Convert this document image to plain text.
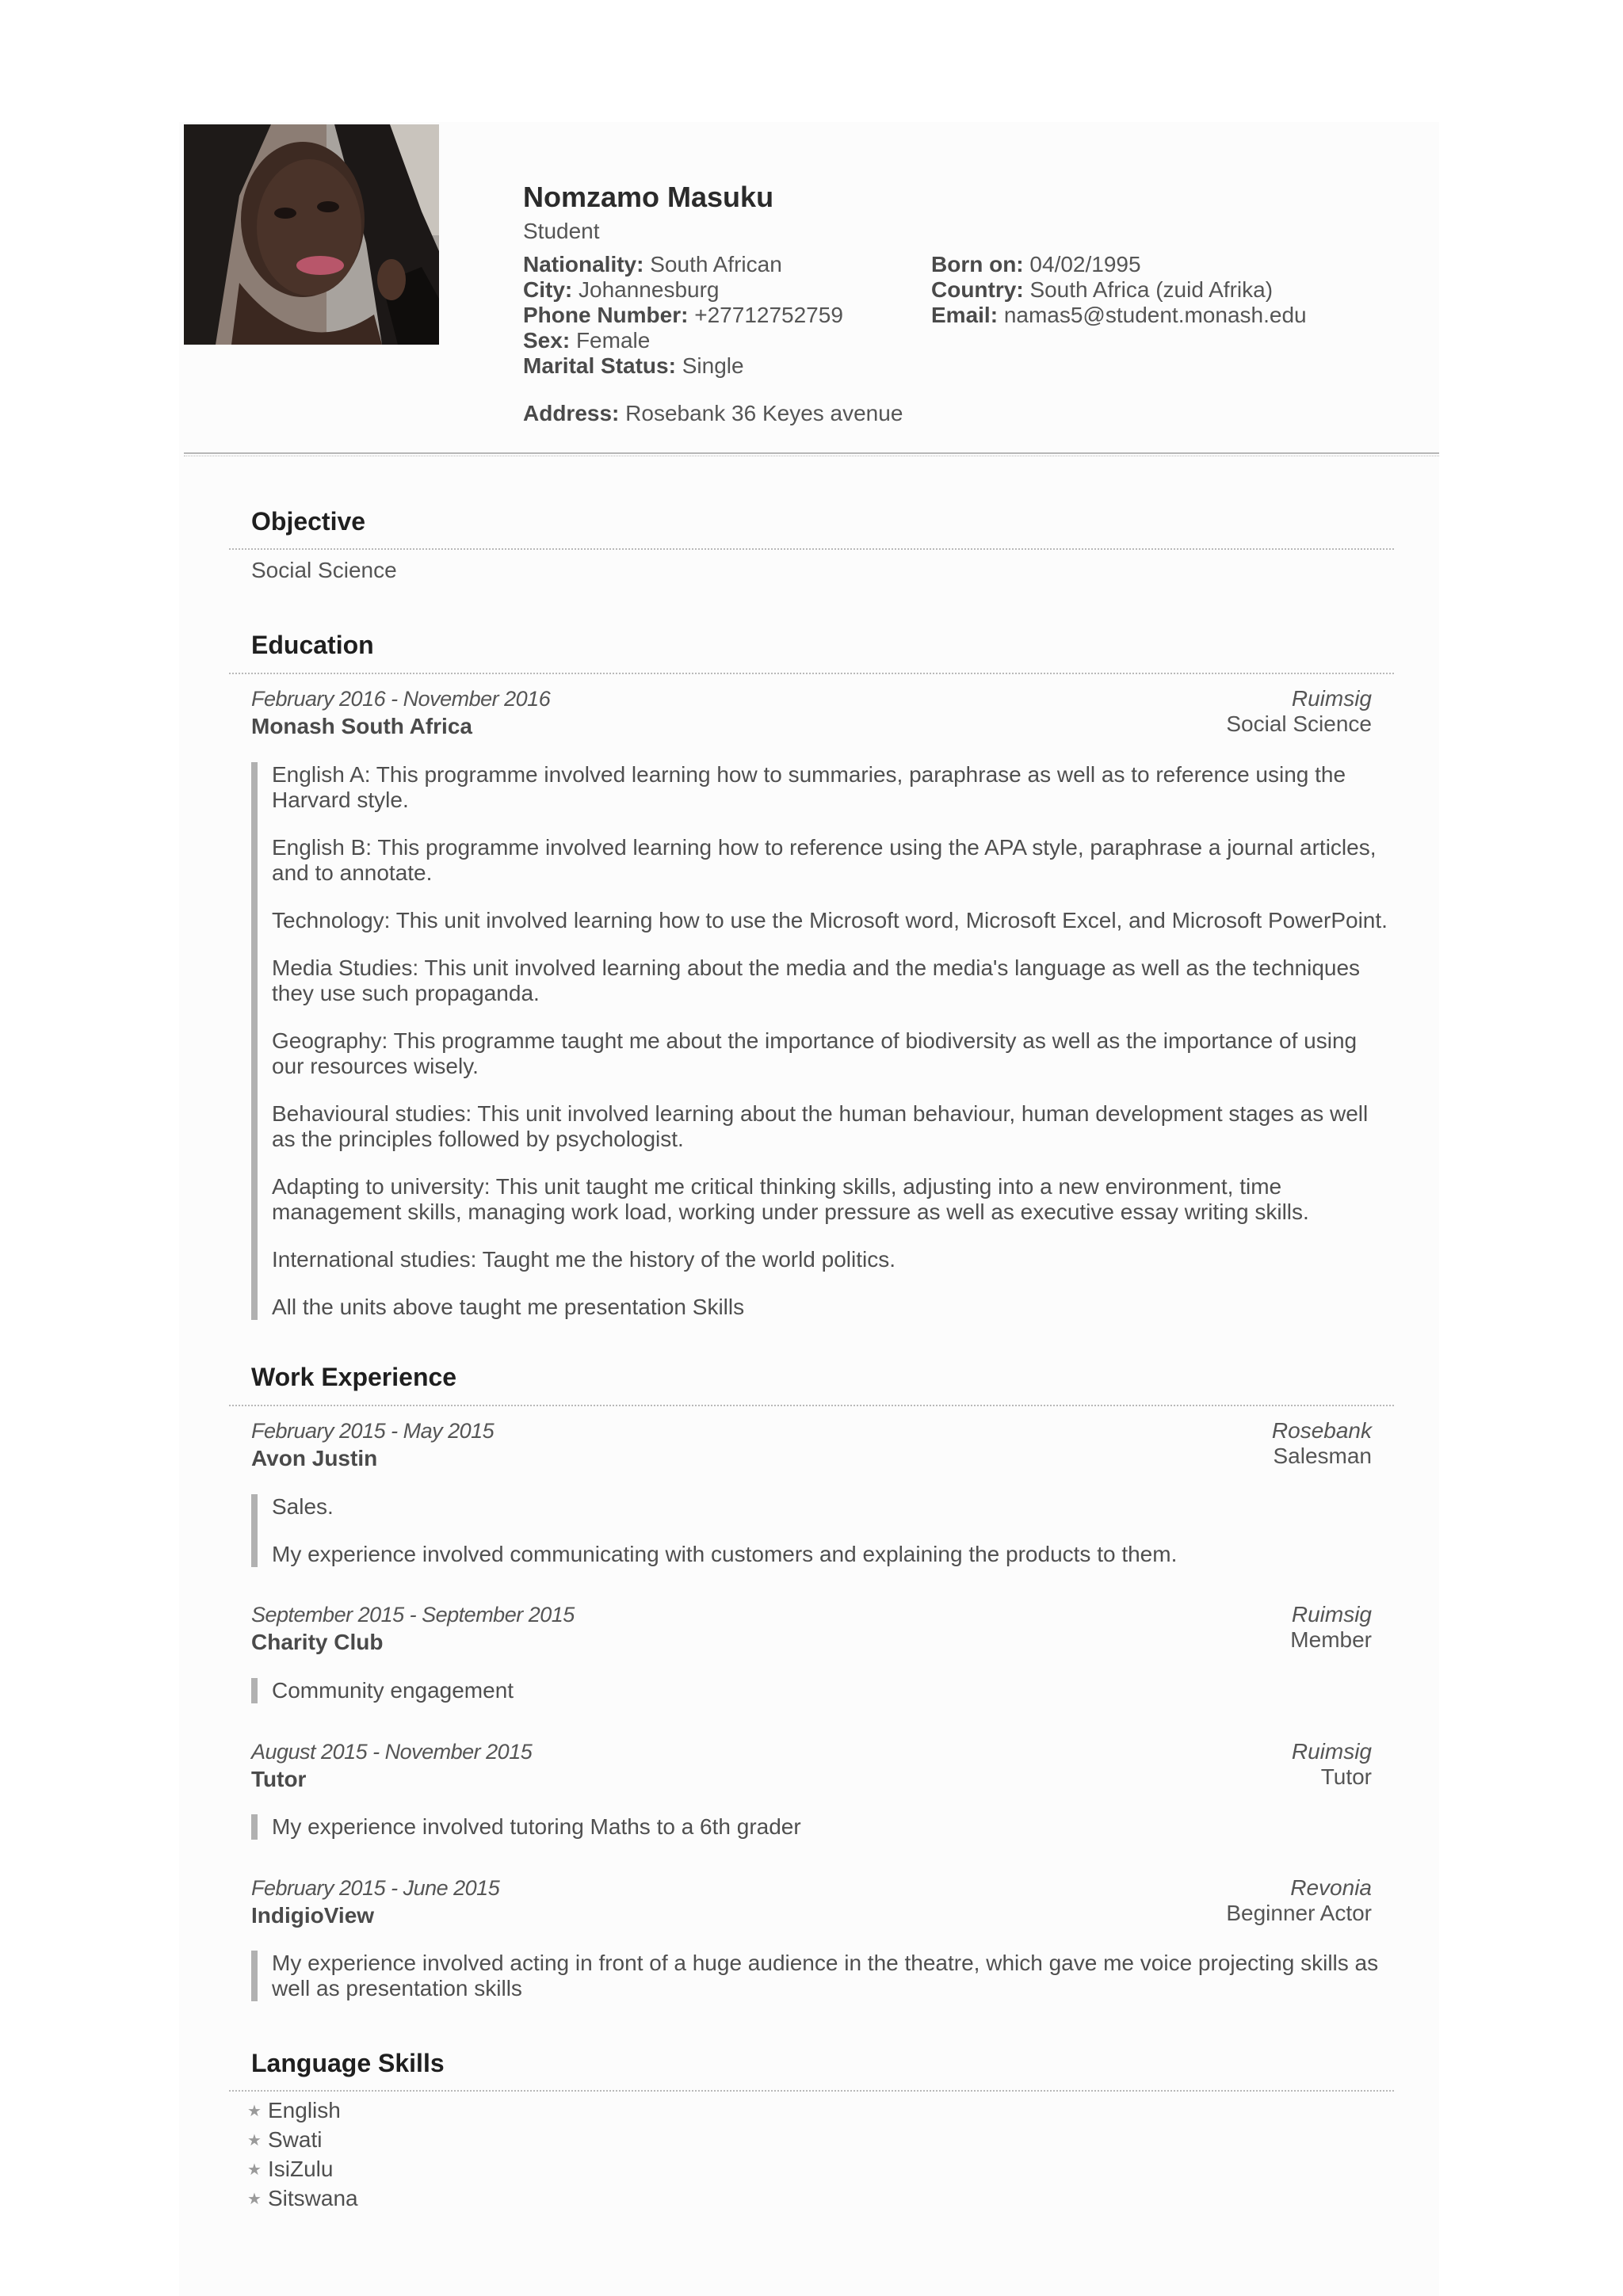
Nomzamo Masuku
Student
Nationality: South African
City: Johannesburg
Phone Number: +27712752759
Sex: Female
Marital Status: Single
Born on: 04/02/1995
Country: South Africa (zuid Afrika)
Email: namas5@student.monash.edu
Address: Rosebank 36 Keyes avenue
Objective
Social Science
Education
February 2016 - November 2016
Monash South Africa
Ruimsig
Social Science

English A: This programme involved learning how to summaries, paraphrase as well as to reference using the Harvard style.

English B: This programme involved learning how to reference using the APA style, paraphrase a journal articles, and to annotate.

Technology: This unit involved learning how to use the Microsoft word, Microsoft Excel, and Microsoft PowerPoint.

Media Studies: This unit involved learning about the media and the media's language as well as the techniques they use such propaganda.

Geography: This programme taught me about the importance of biodiversity as well as the importance of using our resources wisely.

Behavioural studies: This unit involved learning about the human behaviour, human development stages as well as the principles followed by psychologist.

Adapting to university: This unit taught me critical thinking skills, adjusting into a new environment, time management skills, managing work load, working under pressure as well as executive essay writing skills.

International studies: Taught me the history of the world politics.

All the units above taught me presentation Skills

Work Experience
February 2015 - May 2015
Avon Justin
Rosebank
Salesman

Sales.

My experience involved communicating with customers and explaining the products to them.

September 2015 - September 2015
Charity Club
Ruimsig
Member

Community engagement

August 2015 - November 2015
Tutor
Ruimsig
Tutor

My experience involved tutoring Maths to a 6th grader

February 2015 - June 2015
IndigioView
Revonia
Beginner Actor

My experience involved acting in front of a huge audience in the theatre, which gave me voice projecting skills as well as presentation skills

Language Skills
★ English
★ Swati
★ IsiZulu
★ Sitswana
